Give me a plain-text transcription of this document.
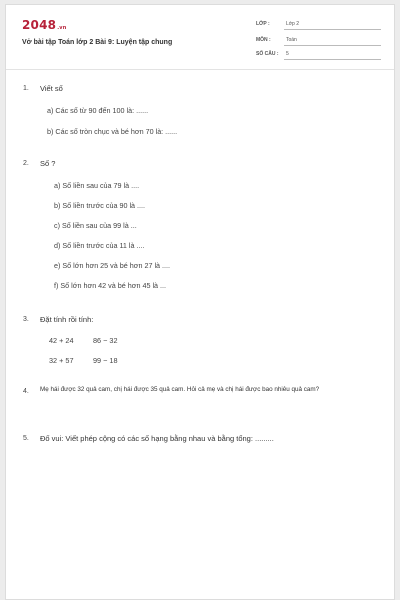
2048.vn
Vở bài tập Toán lớp 2 Bài 9: Luyện tập chung
LỚP :	Lớp 2
MÔN :	Toán
SỐ CÂU :	5
1. Viết số
a) Các số từ 90 đến 100 là: ......
b) Các số tròn chục và bé hơn 70 là: ......
2. Số ?
a) Số liền sau của 79 là ....
b) Số liền trước của 90 là ....
c) Số liền sau của 99 là ...
d) Số liền trước của 11 là ....
e) Số lớn hơn 25 và bé hơn 27 là ....
f) Số lớn hơn 42 và bé hơn 45 là ...
3. Đặt tính rồi tính:
42 + 24	86 − 32
32 + 57	99 − 18
4. Mẹ hái được 32 quả cam, chị hái được 35 quả cam. Hỏi cả mẹ và chị hái được bao nhiêu quả cam?
5. Đố vui: Viết phép cộng có các số hạng bằng nhau và bằng tổng: .........
